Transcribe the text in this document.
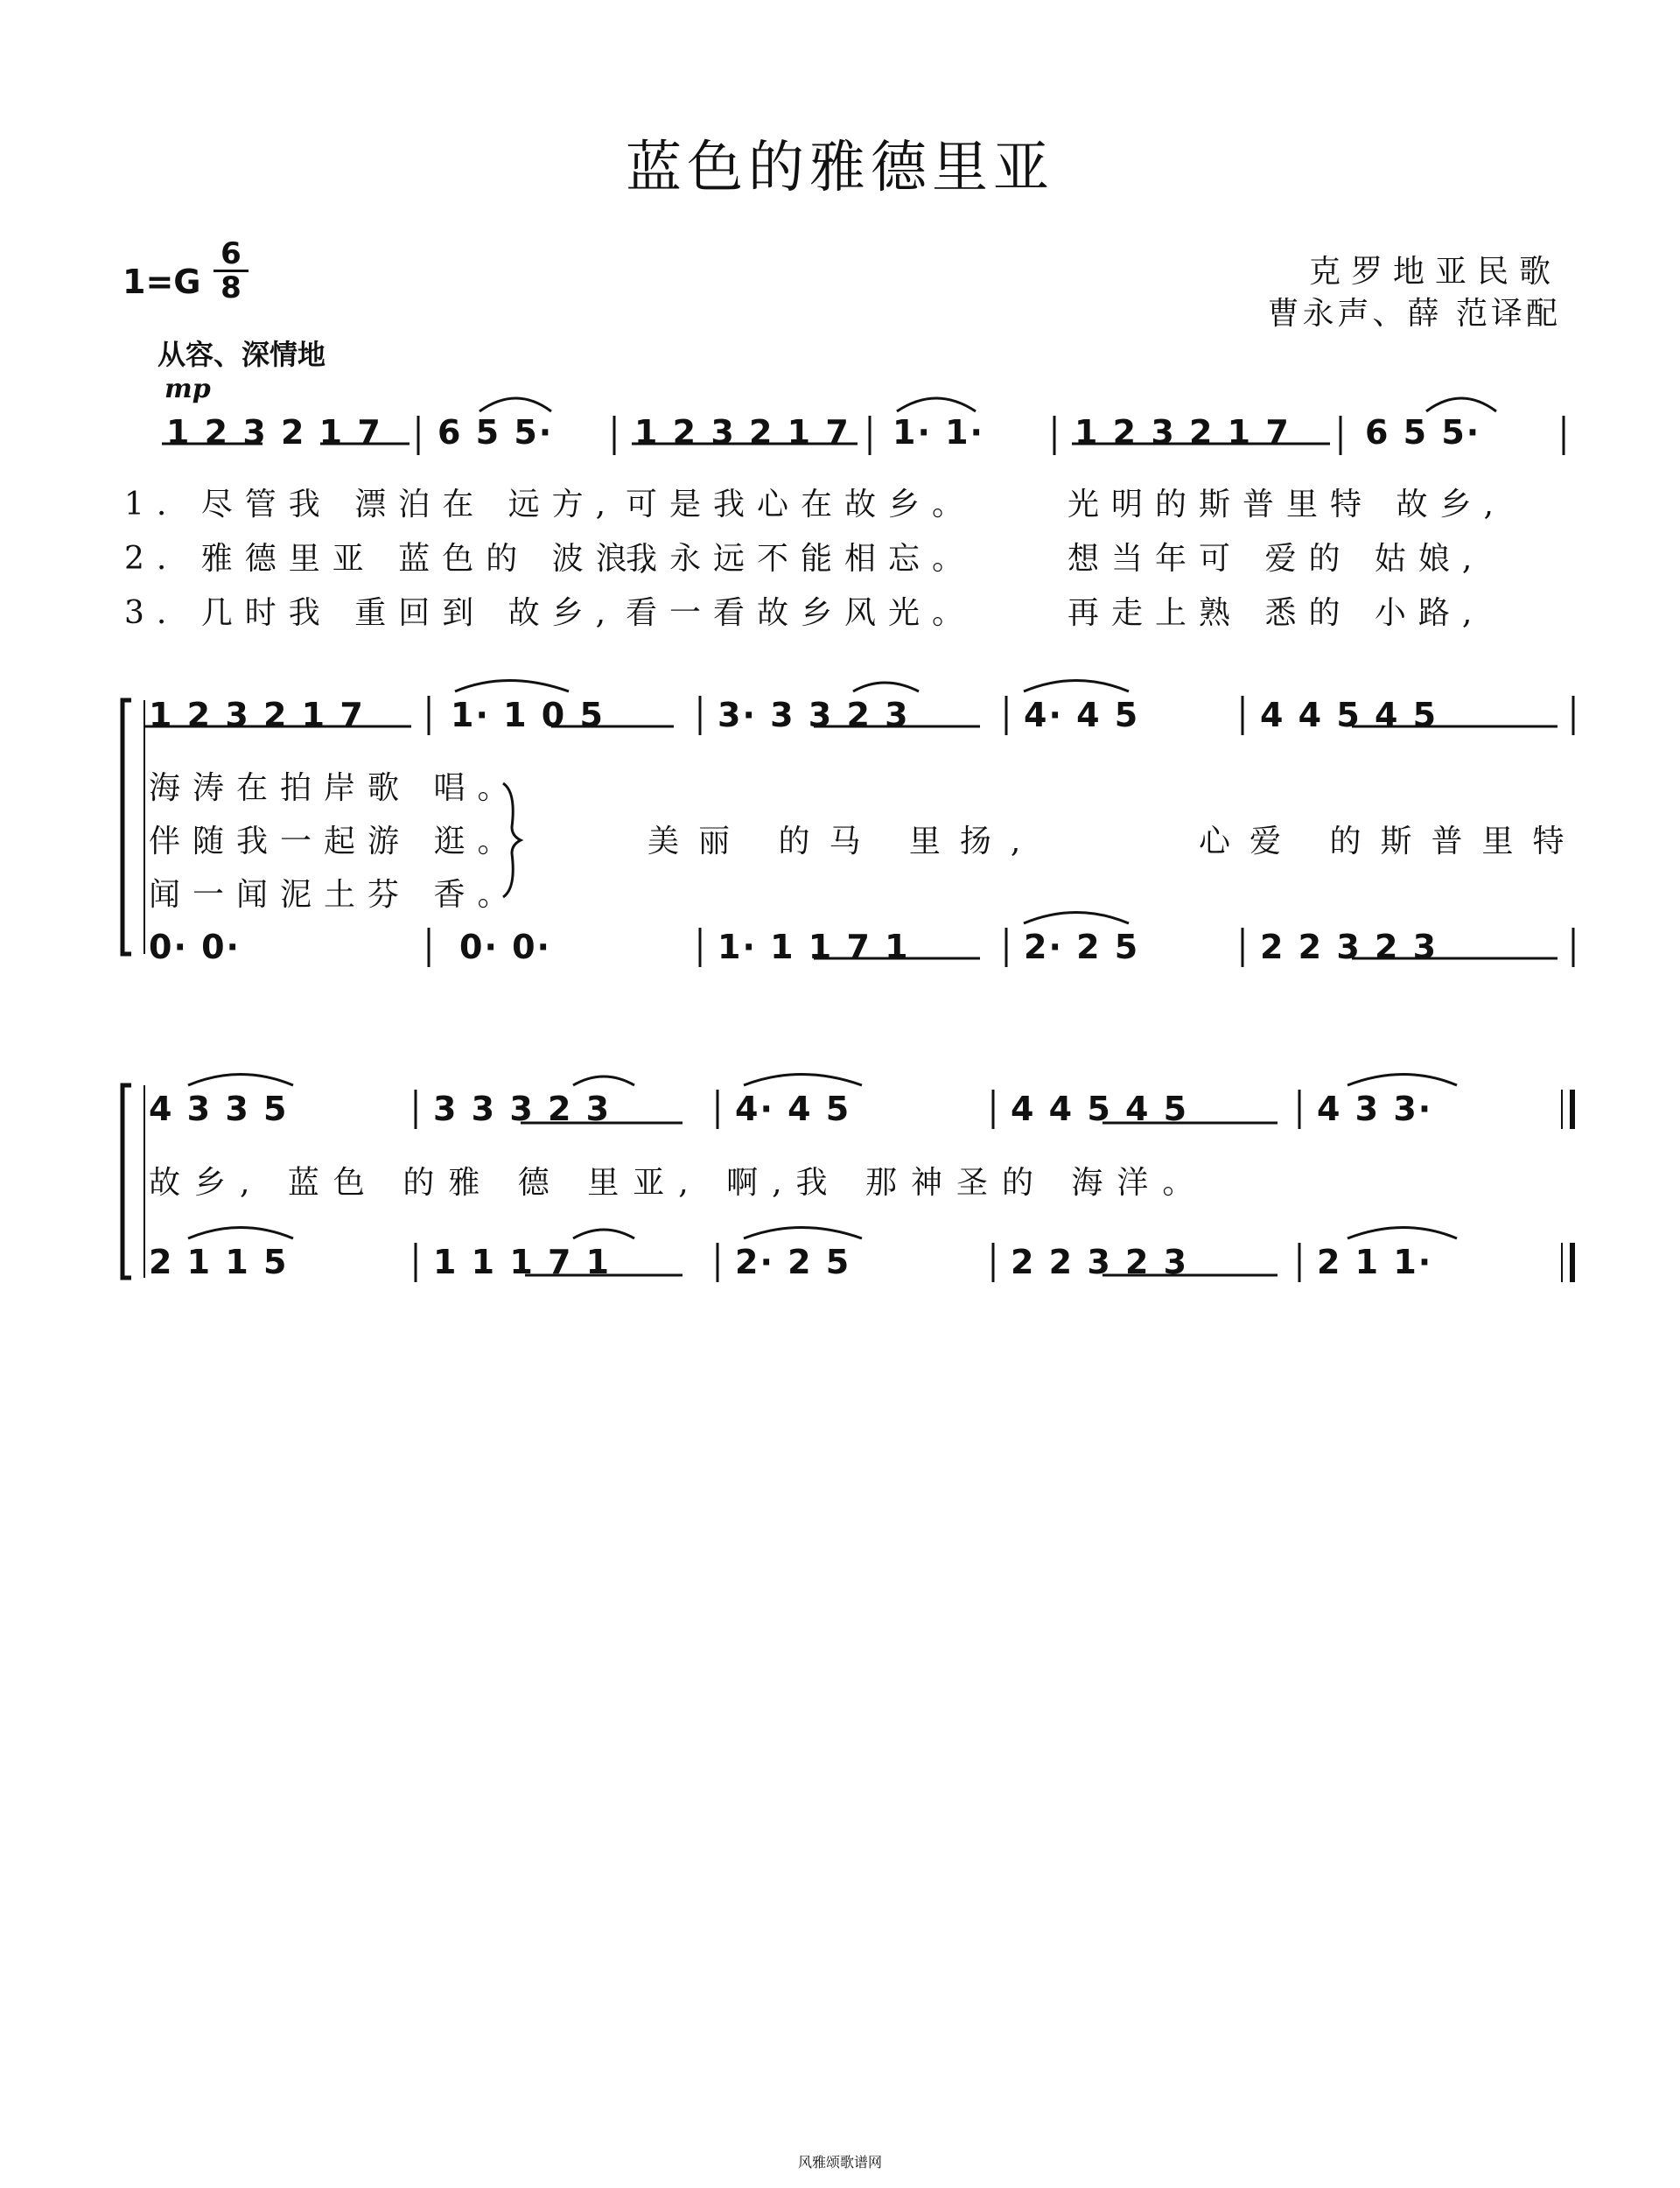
蓝色的雅德里亚
1=G
6
8	克罗地亚民歌
曹永声、薛 范译配
从容、深情地
mp
1 2 3 2 1 7 6 5 5· 1 2 3 2 1 7 1· 1·	1 2 3 2 1 7 6 5 5·
1. 尽管我 漂泊在 远方, 可是我心在故乡。	光明的斯普里特 故乡,
2. 雅德里亚 蓝色的 波浪,
我永远不能相忘。	想当年可 爱的 姑娘,
3. 几时我 重回到 故乡, 看一看故乡风光。	再走上熟 悉的 小路,
1 2 3 2 1 7	1· 1 0 5	3· 3 3 2 3	4· 4 5	4 4 5 4 5
海涛在拍岸歌 唱。
伴随我一起游 逛。
闻一闻泥土芬 香。
美丽 的马 里扬,	心爱 的斯普里特
0· 0·	0· 0·	1· 1 1 7 1	2· 2 5	2 2 3 2 3
4 3 3 5	3 3 3 2 3	4· 4 5	4 4 5 4 5	4 3 3·
故乡, 蓝色 的雅 德 里亚, 啊,我 那神圣的 海洋。
2 1 1 5	1 1 1 7 1	2· 2 5	2 2 3 2 3	2 1 1·
风雅颂歌谱网
